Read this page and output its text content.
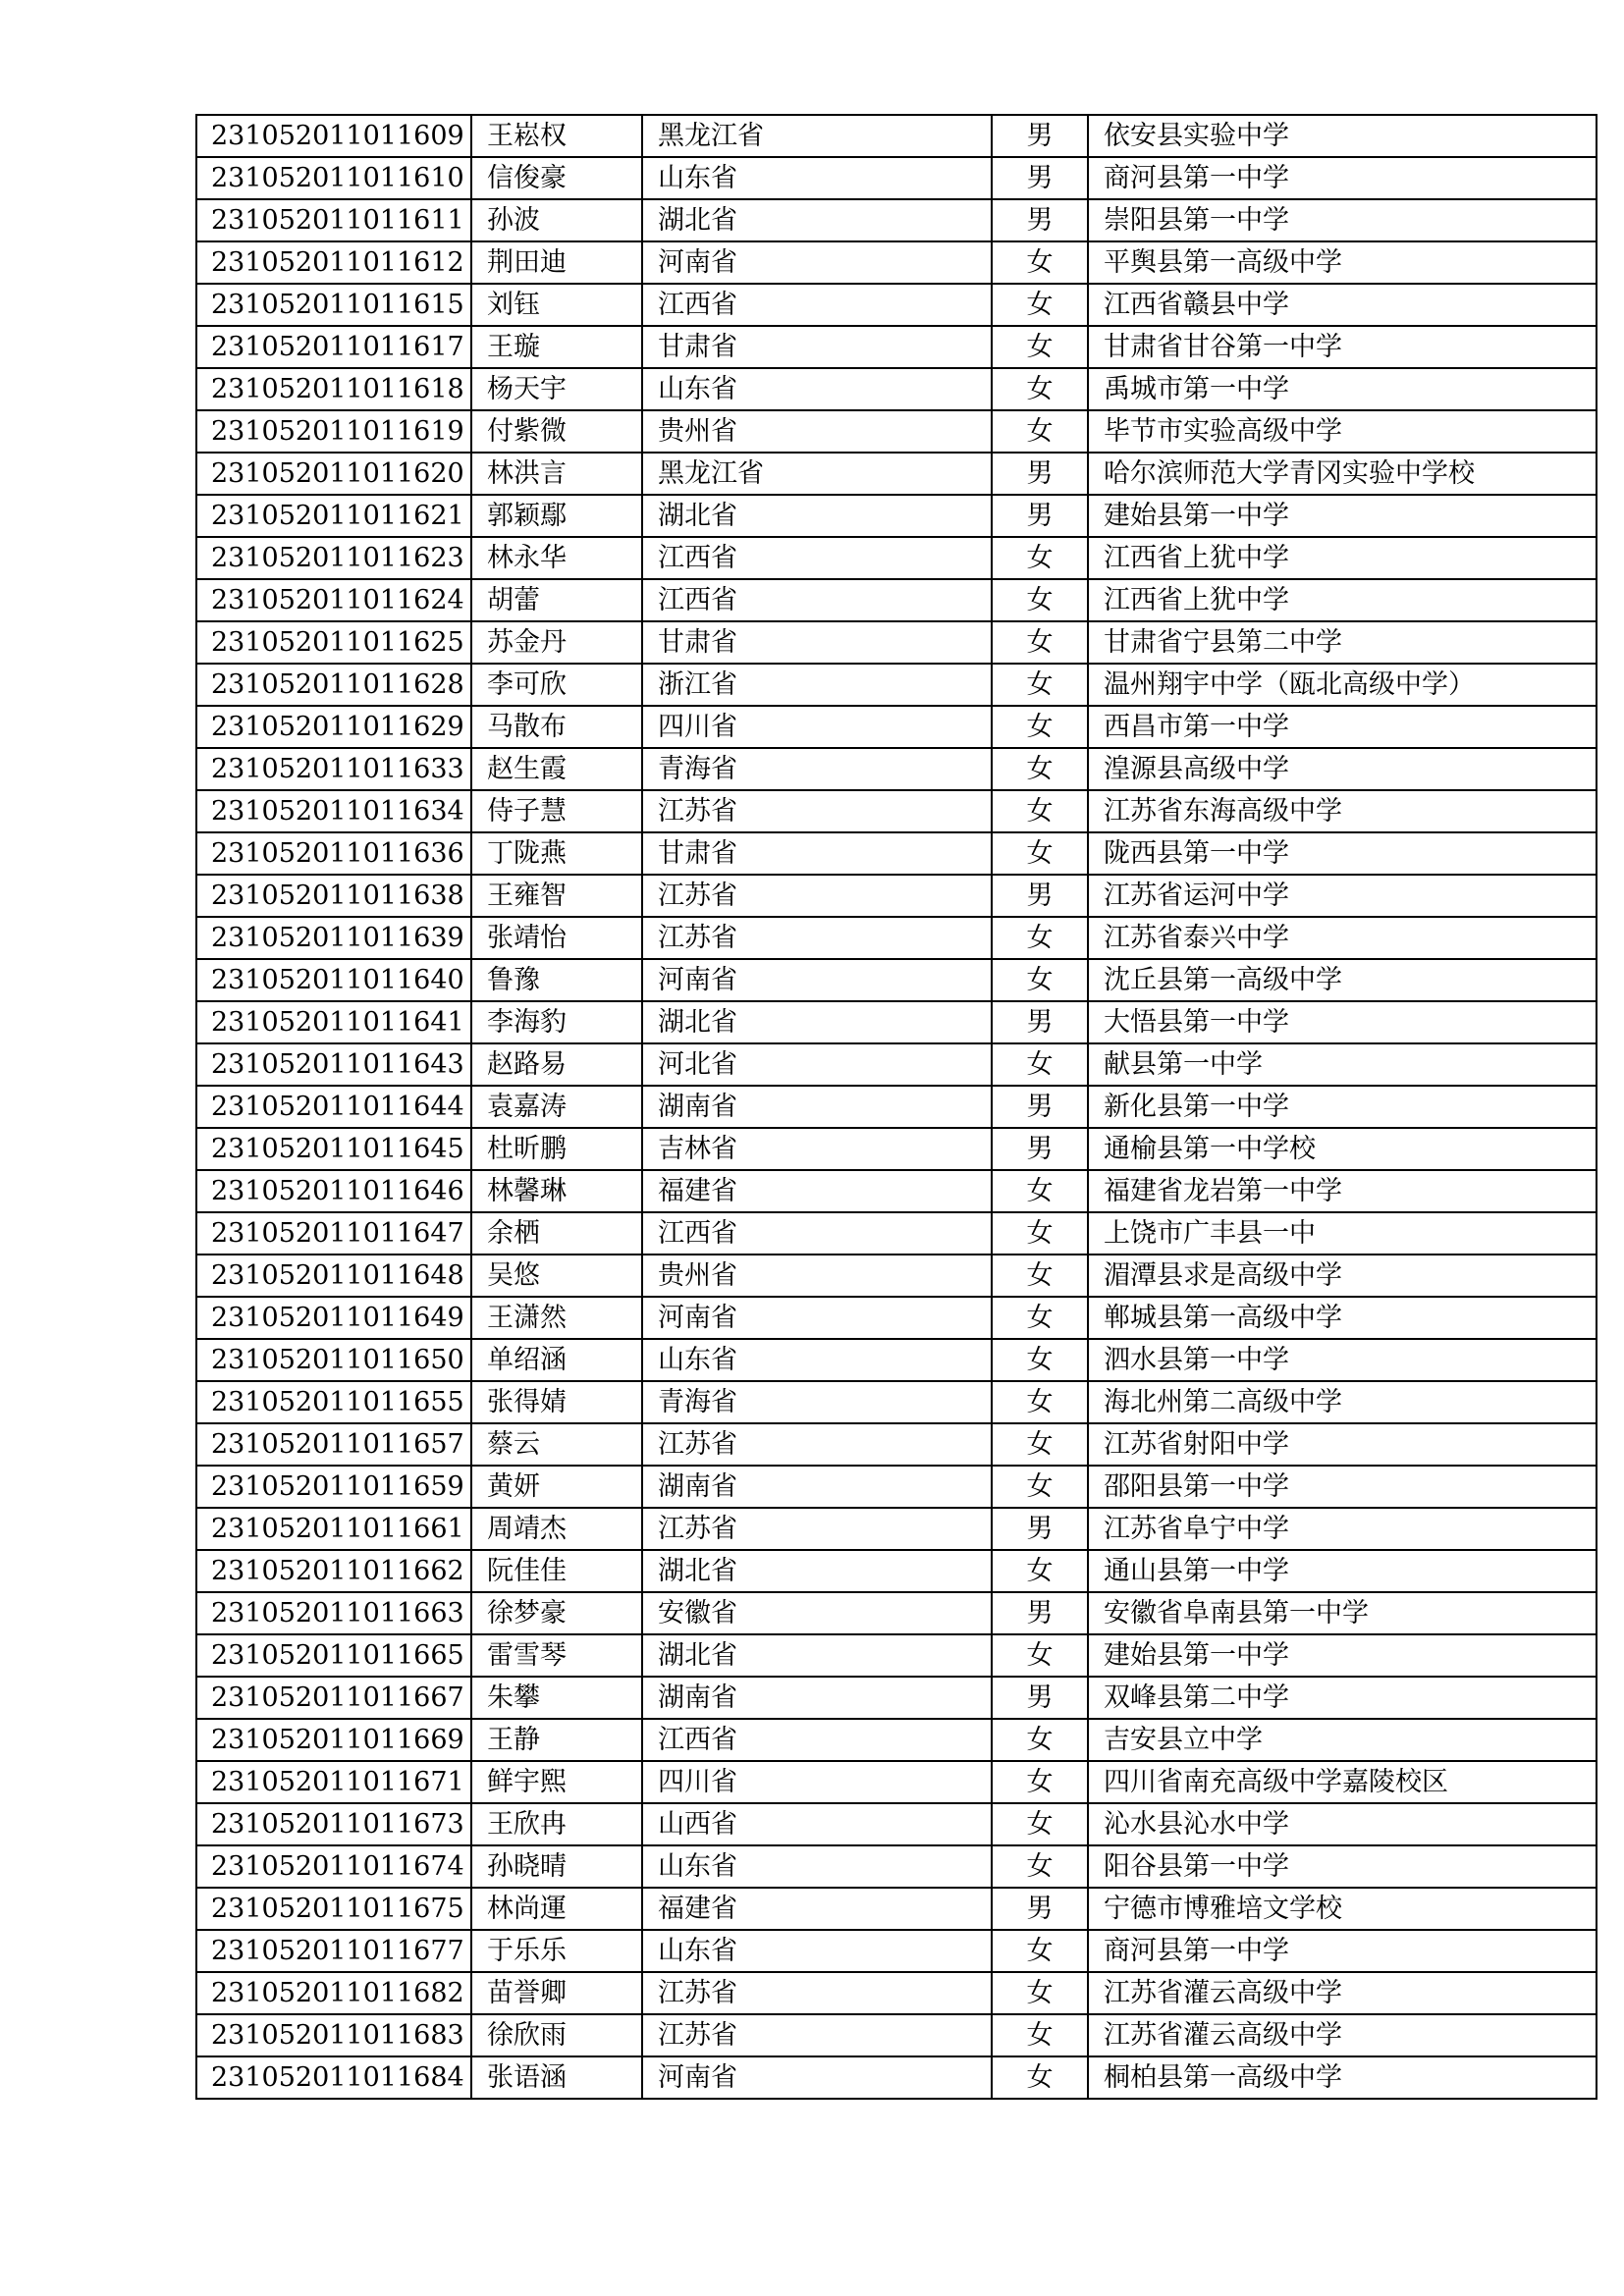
231052011011609	王崧权	黑龙江省	男	依安县实验中学
231052011011610	信俊豪	山东省	男	商河县第一中学
231052011011611	孙波	湖北省	男	崇阳县第一中学
231052011011612	荆田迪	河南省	女	平舆县第一高级中学
231052011011615	刘钰	江西省	女	江西省赣县中学
231052011011617	王璇	甘肃省	女	甘肃省甘谷第一中学
231052011011618	杨天宇	山东省	女	禹城市第一中学
231052011011619	付紫微	贵州省	女	毕节市实验高级中学
231052011011620	林洪言	黑龙江省	男	哈尔滨师范大学青冈实验中学校
231052011011621	郭颖鄢	湖北省	男	建始县第一中学
231052011011623	林永华	江西省	女	江西省上犹中学
231052011011624	胡蕾	江西省	女	江西省上犹中学
231052011011625	苏金丹	甘肃省	女	甘肃省宁县第二中学
231052011011628	李可欣	浙江省	女	温州翔宇中学（瓯北高级中学）
231052011011629	马散布	四川省	女	西昌市第一中学
231052011011633	赵生霞	青海省	女	湟源县高级中学
231052011011634	侍子慧	江苏省	女	江苏省东海高级中学
231052011011636	丁陇燕	甘肃省	女	陇西县第一中学
231052011011638	王雍智	江苏省	男	江苏省运河中学
231052011011639	张靖怡	江苏省	女	江苏省泰兴中学
231052011011640	鲁豫	河南省	女	沈丘县第一高级中学
231052011011641	李海豹	湖北省	男	大悟县第一中学
231052011011643	赵路易	河北省	女	献县第一中学
231052011011644	袁嘉涛	湖南省	男	新化县第一中学
231052011011645	杜昕鹏	吉林省	男	通榆县第一中学校
231052011011646	林馨琳	福建省	女	福建省龙岩第一中学
231052011011647	余栖	江西省	女	上饶市广丰县一中
231052011011648	吴悠	贵州省	女	湄潭县求是高级中学
231052011011649	王潇然	河南省	女	郸城县第一高级中学
231052011011650	单绍涵	山东省	女	泗水县第一中学
231052011011655	张得婧	青海省	女	海北州第二高级中学
231052011011657	蔡云	江苏省	女	江苏省射阳中学
231052011011659	黄妍	湖南省	女	邵阳县第一中学
231052011011661	周靖杰	江苏省	男	江苏省阜宁中学
231052011011662	阮佳佳	湖北省	女	通山县第一中学
231052011011663	徐梦豪	安徽省	男	安徽省阜南县第一中学
231052011011665	雷雪琴	湖北省	女	建始县第一中学
231052011011667	朱攀	湖南省	男	双峰县第二中学
231052011011669	王静	江西省	女	吉安县立中学
231052011011671	鲜宇熙	四川省	女	四川省南充高级中学嘉陵校区
231052011011673	王欣冉	山西省	女	沁水县沁水中学
231052011011674	孙晓晴	山东省	女	阳谷县第一中学
231052011011675	林尚運	福建省	男	宁德市博雅培文学校
231052011011677	于乐乐	山东省	女	商河县第一中学
231052011011682	苗誉卿	江苏省	女	江苏省灌云高级中学
231052011011683	徐欣雨	江苏省	女	江苏省灌云高级中学
231052011011684	张语涵	河南省	女	桐柏县第一高级中学
